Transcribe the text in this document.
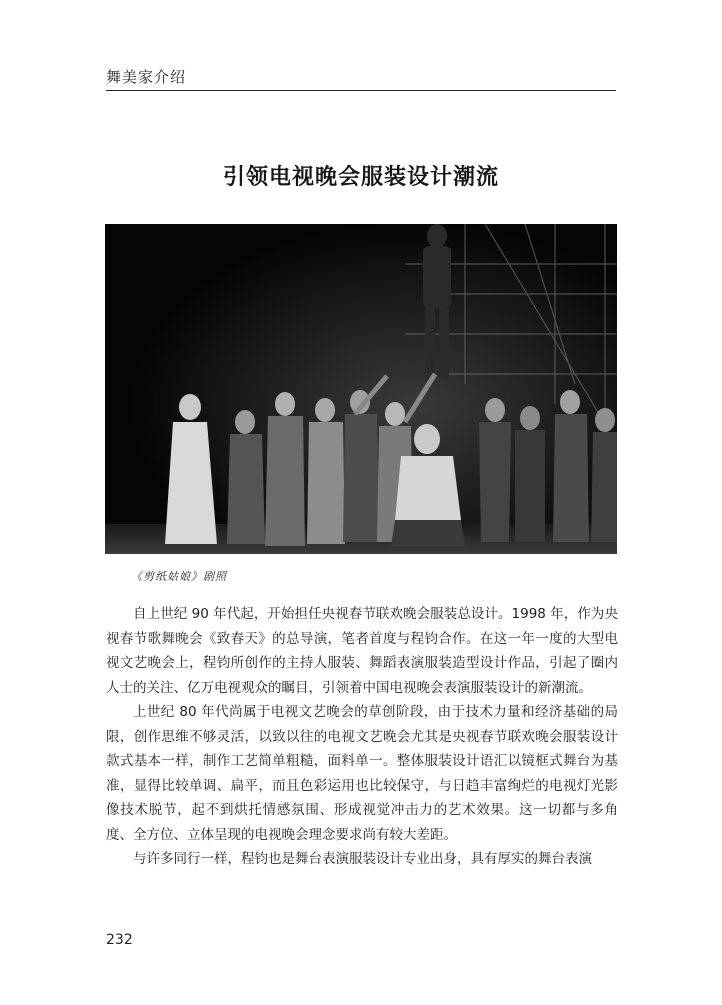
舞美家介绍
引领电视晚会服装设计潮流
《剪纸姑娘》剧照

自上世纪 90 年代起，开始担任央视春节联欢晚会服装总设计。1998 年，作为央视春节歌舞晚会《致春天》的总导演，笔者首度与程钧合作。在这一年一度的大型电视文艺晚会上，程钧所创作的主持人服装、舞蹈表演服装造型设计作品，引起了圈内人士的关注、亿万电视观众的瞩目，引领着中国电视晚会表演服装设计的新潮流。

上世纪 80 年代尚属于电视文艺晚会的草创阶段，由于技术力量和经济基础的局限，创作思维不够灵活，以致以往的电视文艺晚会尤其是央视春节联欢晚会服装设计款式基本一样，制作工艺简单粗糙，面料单一。整体服装设计语汇以镜框式舞台为基准，显得比较单调、扁平，而且色彩运用也比较保守，与日趋丰富绚烂的电视灯光影像技术脱节，起不到烘托情感氛围、形成视觉冲击力的艺术效果。这一切都与多角度、全方位、立体呈现的电视晚会理念要求尚有较大差距。

与许多同行一样，程钧也是舞台表演服装设计专业出身，具有厚实的舞台表演

232
